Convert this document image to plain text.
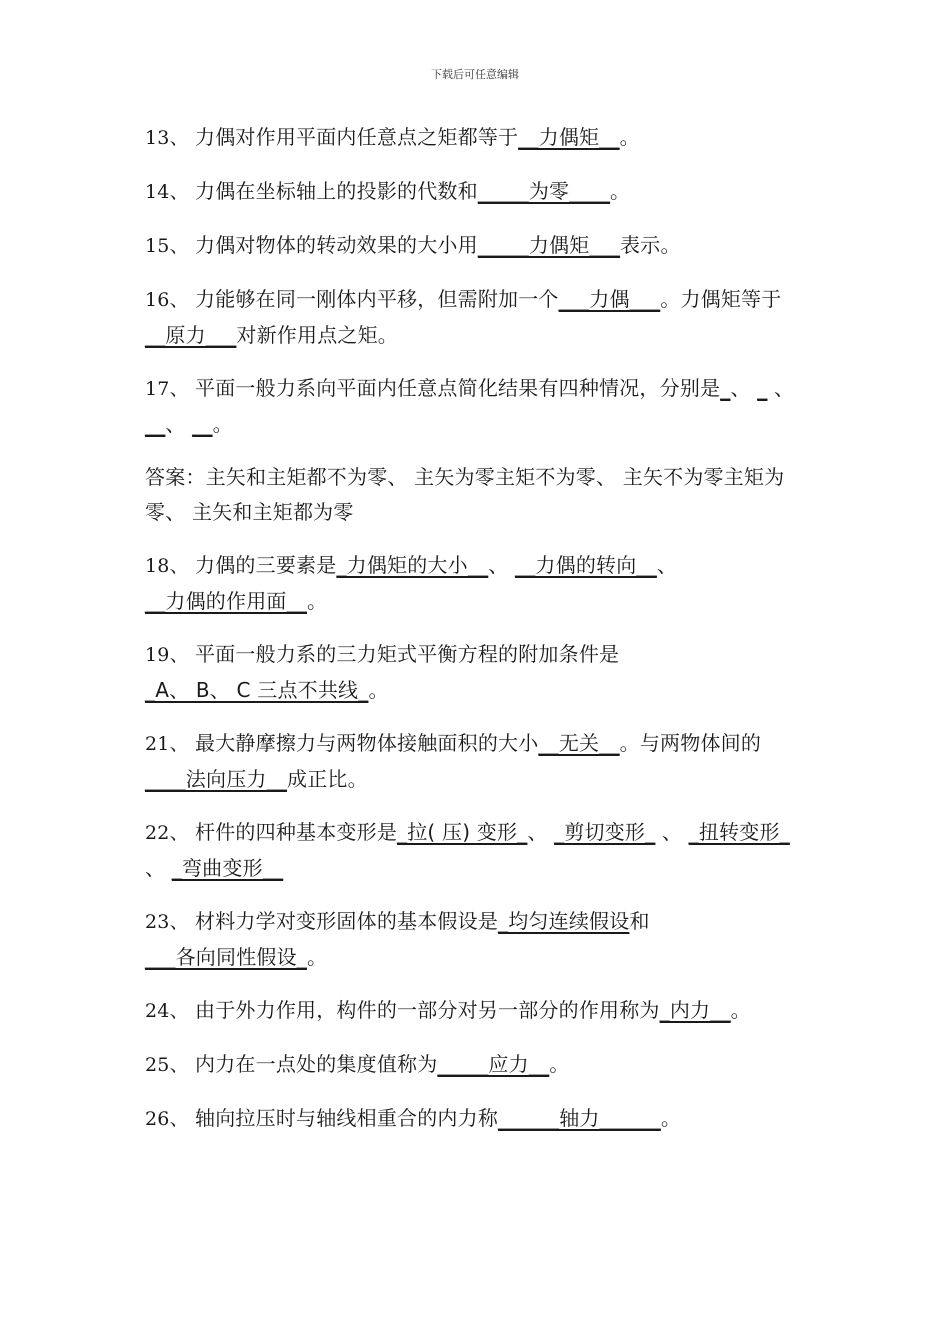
下载后可任意编辑
13、 力偶对作用平面内任意点之矩都等于__力偶矩__。
14、 力偶在坐标轴上的投影的代数和_____为零____。
15、 力偶对物体的转动效果的大小用_____力偶矩___表示。
16、 力能够在同一刚体内平移，但需附加一个___力偶___。力偶矩等于__原力___对新作用点之矩。
17、 平面一般力系向平面内任意点简化结果有四种情况，分别是_、 _ 、 __、 __。
答案：主矢和主矩都不为零、 主矢为零主矩不为零、 主矢不为零主矩为零、 主矢和主矩都为零
18、 力偶的三要素是_力偶矩的大小__、 __力偶的转向__、 __力偶的作用面__。
19、 平面一般力系的三力矩式平衡方程的附加条件是_A、 B、 C 三点不共线_。
21、 最大静摩擦力与两物体接触面积的大小__无关__。与两物体间的____法向压力__成正比。
22、 杆件的四种基本变形是_拉( 压) 变形_、 _剪切变形_ 、 _扭转变形_ 、 _弯曲变形__
23、 材料力学对变形固体的基本假设是_均匀连续假设和___各向同性假设_。
24、 由于外力作用，构件的一部分对另一部分的作用称为_内力__。
25、 内力在一点处的集度值称为_____应力__。
26、 轴向拉压时与轴线相重合的内力称______轴力______。
